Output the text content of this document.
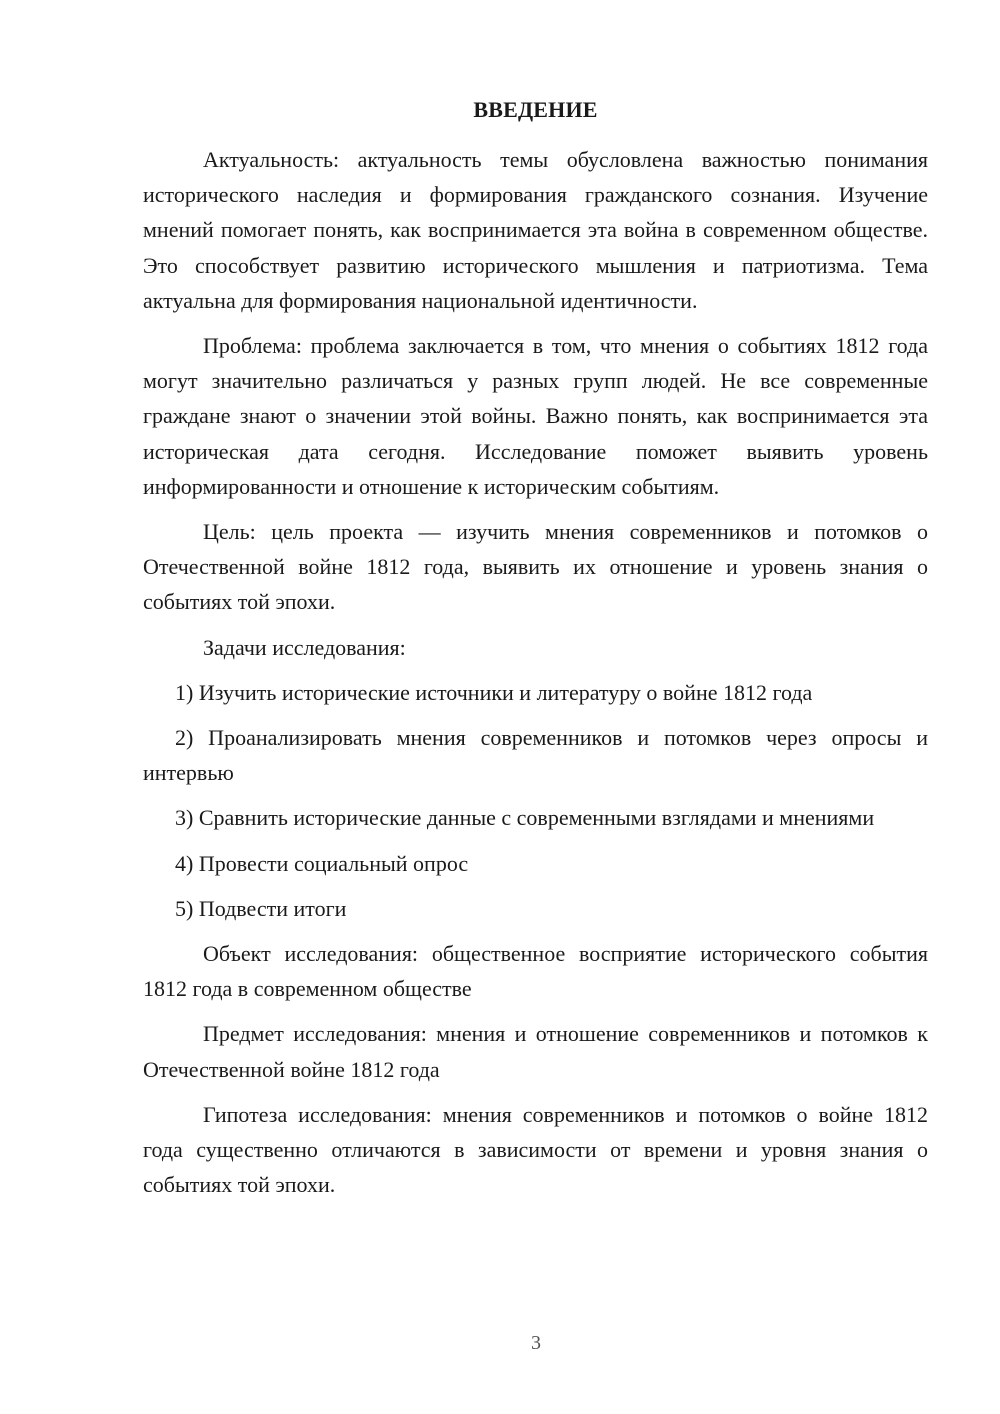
ВВЕДЕНИЕ

Актуальность: актуальность темы обусловлена важностью понимания исторического наследия и формирования гражданского сознания. Изучение мнений помогает понять, как воспринимается эта война в современном обществе. Это способствует развитию исторического мышления и патриотизма. Тема актуальна для формирования национальной идентичности.

Проблема: проблема заключается в том, что мнения о событиях 1812 года могут значительно различаться у разных групп людей. Не все современные граждане знают о значении этой войны. Важно понять, как воспринимается эта историческая дата сегодня. Исследование поможет выявить уровень информированности и отношение к историческим событиям.

Цель: цель проекта — изучить мнения современников и потомков о Отечественной войне 1812 года, выявить их отношение и уровень знания о событиях той эпохи.

Задачи исследования:

1) Изучить исторические источники и литературу о войне 1812 года

2) Проанализировать мнения современников и потомков через опросы и интервью

3) Сравнить исторические данные с современными взглядами и мнениями

4) Провести социальный опрос

5) Подвести итоги

Объект исследования: общественное восприятие исторического события 1812 года в современном обществе

Предмет исследования: мнения и отношение современников и потомков к Отечественной войне 1812 года

Гипотеза исследования: мнения современников и потомков о войне 1812 года существенно отличаются в зависимости от времени и уровня знания о событиях той эпохи.

3
